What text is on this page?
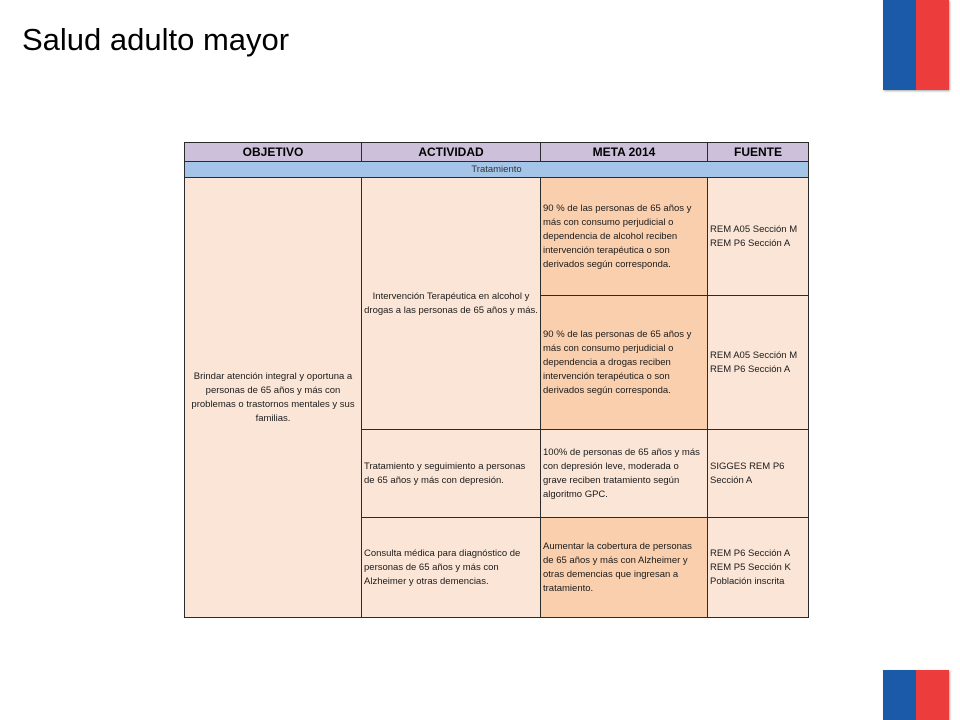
Salud adulto mayor
OBJETIVO	ACTIVIDAD	META 2014	FUENTE
Tratamiento			
Brindar atención integral y oportuna a personas de 65 años y más con problemas o trastornos mentales y sus familias.	Intervención Terapéutica en alcohol y drogas a las personas de 65 años y más.	90 % de las personas de 65 años y más con consumo perjudicial o dependencia de alcohol reciben intervención terapéutica o son derivados según corresponda.	REM A05 Sección M REM P6 Sección A
		90 % de las personas de 65 años y más con consumo perjudicial o dependencia a drogas reciben intervención terapéutica o son derivados según corresponda.	REM A05 Sección M REM P6 Sección A
	Tratamiento y seguimiento a personas de 65 años y más con depresión.	100% de personas de 65 años y más con depresión leve, moderada o grave reciben tratamiento según algoritmo GPC.	SIGGES REM P6 Sección A
	Consulta médica para diagnóstico de personas de 65 años y más con Alzheimer y otras demencias.	Aumentar la cobertura de personas de 65 años y más con Alzheimer y otras demencias que ingresan a tratamiento.	REM P6 Sección A REM P5 Sección K Población inscrita
